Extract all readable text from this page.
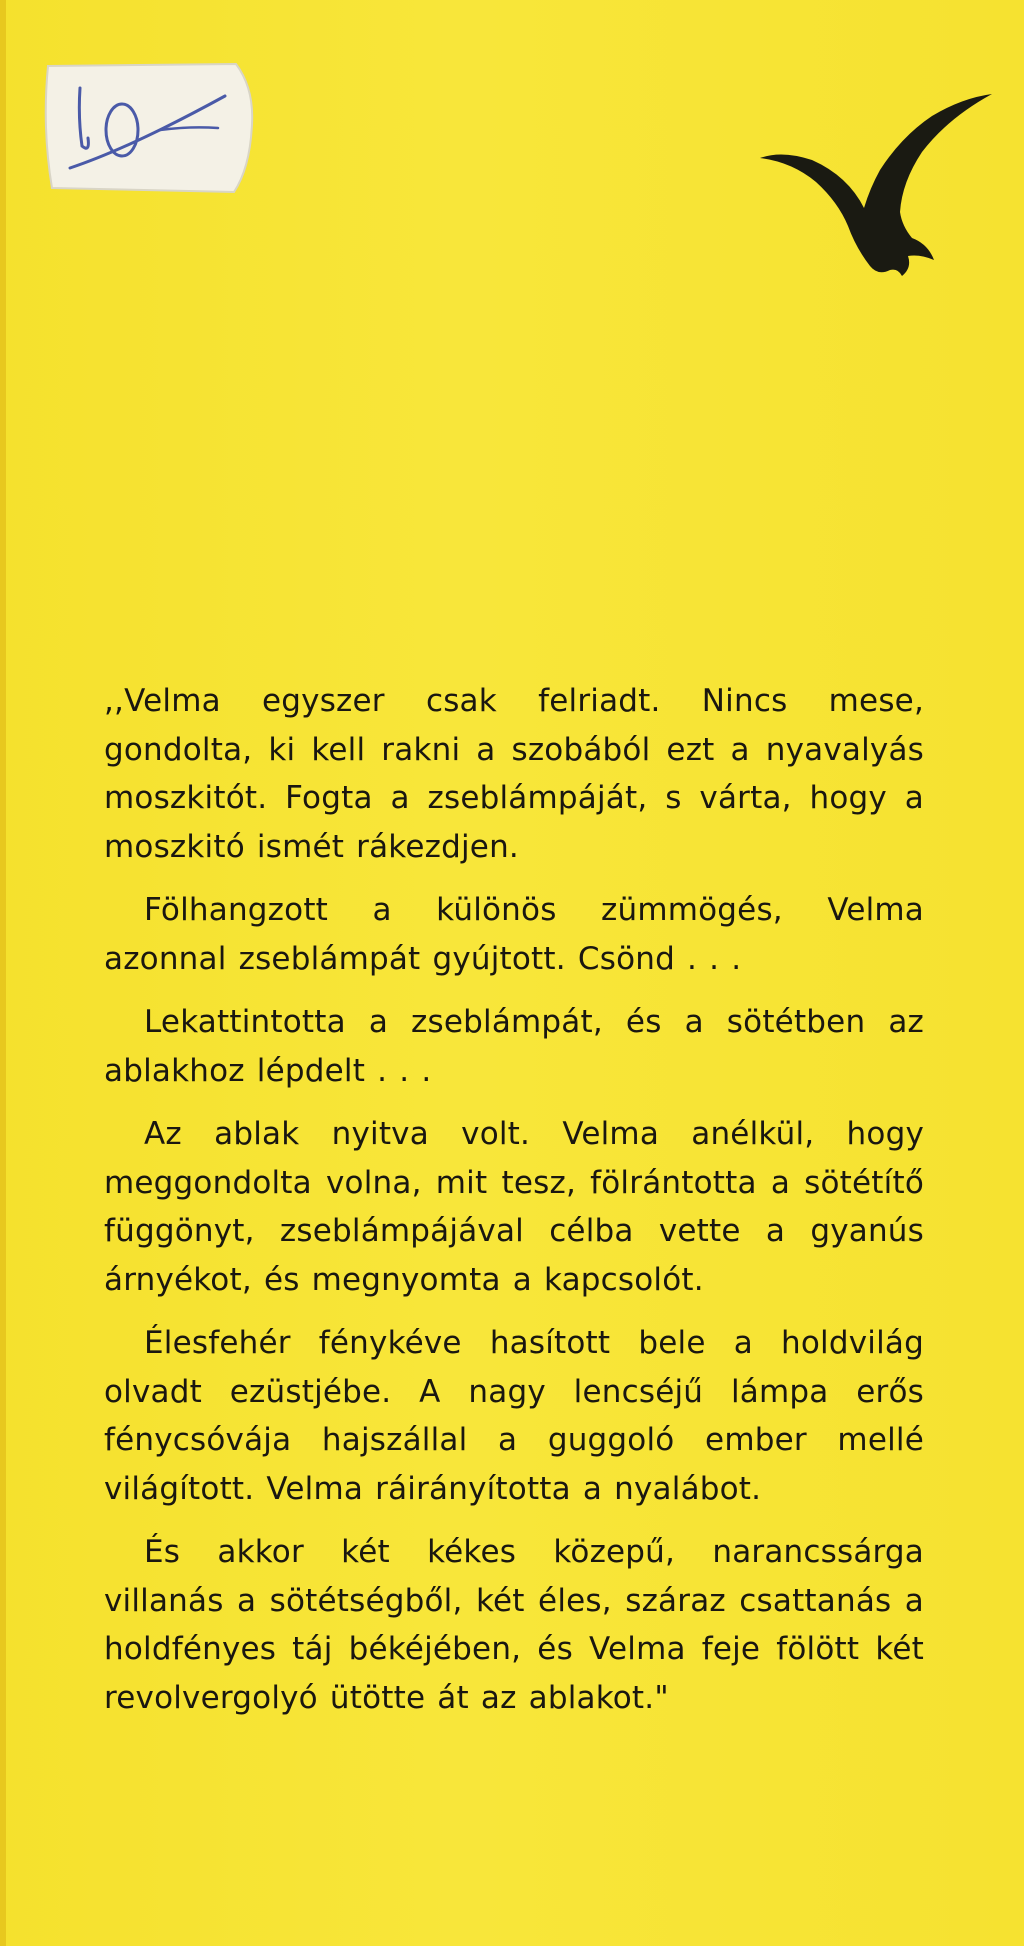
,,Velma egyszer csak felriadt. Nincs mese, gondolta, ki kell rakni a szobából ezt a nyavalyás moszkitót. Fogta a zseblámpáját, s várta, hogy a moszkitó ismét rákezdjen.

Fölhangzott a különös zümmögés, Velma azonnal zseblámpát gyújtott. Csönd . . .

Lekattintotta a zseblámpát, és a sötétben az ablakhoz lépdelt . . .

Az ablak nyitva volt. Velma anélkül, hogy meggondolta volna, mit tesz, fölrántotta a sötétítő függönyt, zseblámpájával célba vette a gyanús árnyékot, és megnyomta a kapcsolót.

Élesfehér fénykéve hasított bele a holdvilág olvadt ezüstjébe. A nagy lencséjű lámpa erős fénycsóvája hajszállal a guggoló ember mellé világított. Velma ráirányította a nyalábot.

És akkor két kékes közepű, narancssárga villanás a sötétségből, két éles, száraz csattanás a holdfényes táj békéjében, és Velma feje fölött két revolvergolyó ütötte át az ablakot."
